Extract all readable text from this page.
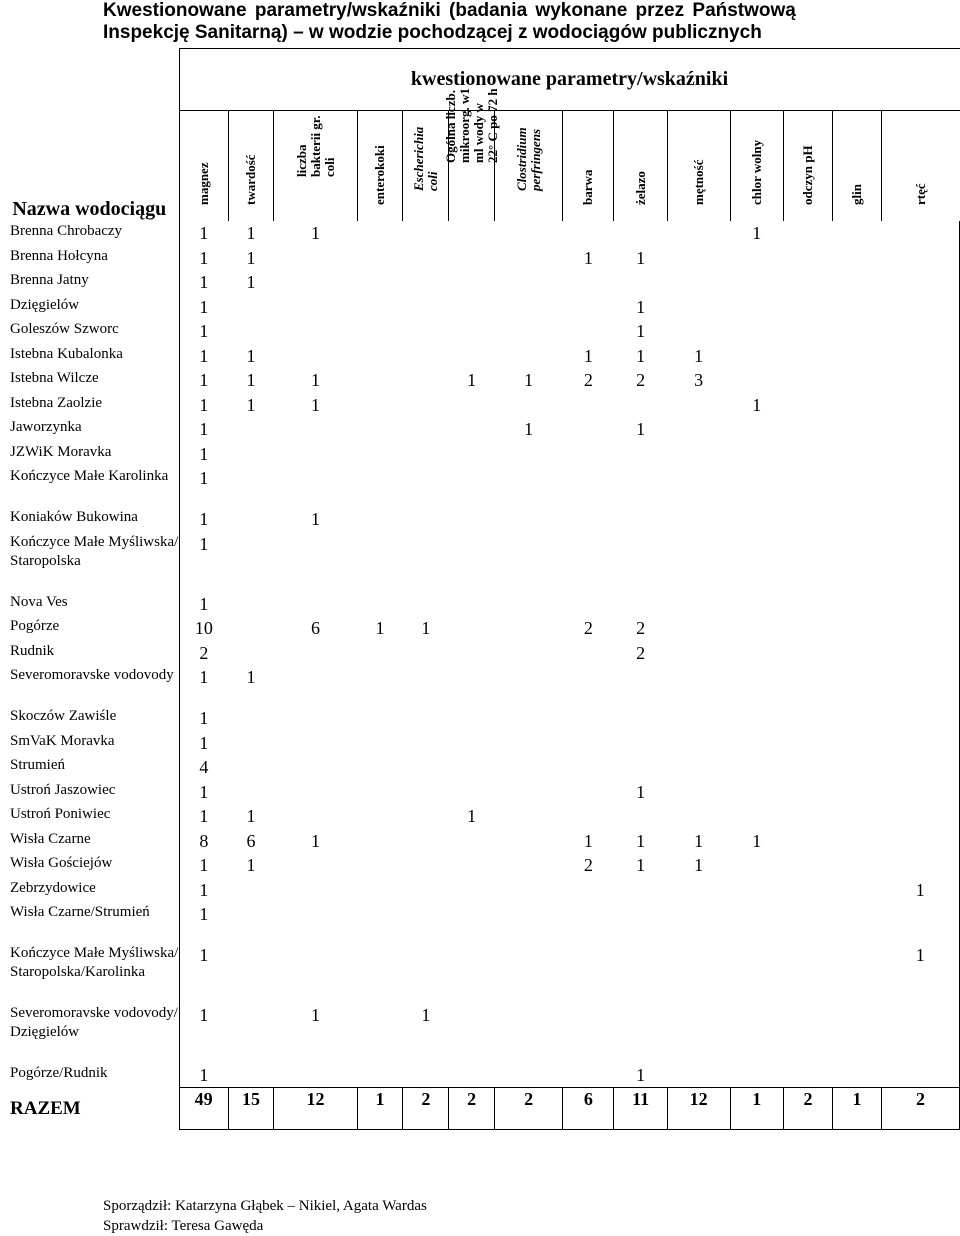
Kwestionowane parametry/wskaźniki (badania wykonane przez Państwową
Inspekcję Sanitarną) – w wodzie pochodzącej z wodociągów publicznych
Nazwa wodociągu	kwestionowane parametry/wskaźniki													

	magnez	twardość	liczba bakterii gr. coli	enterokoki	Escherichia coli	Ogólna liczb. mikroorg. w1 ml wody w 22° C po 72 h	Clostridium perfringens	barwa	żelazo	mętność	chlor wolny	odczyn pH	glin	rtęć

Brenna Chrobaczy	1	1	1								1			
Brenna Hołcyna	1	1						1	1					
Brenna Jatny	1	1												
Dzięgielów	1								1					
Goleszów Szworc	1								1					
Istebna Kubalonka	1	1						1	1	1				
Istebna Wilcze	1	1	1			1	1	2	2	3				
Istebna Zaolzie	1	1	1								1			
Jaworzynka	1						1		1					
JZWiK Moravka	1													
Kończyce Małe Karolinka	1													
Koniaków Bukowina	1		1											
Kończyce Małe Myśliwska/Staropolska	1													
Nova Ves	1													
Pogórze	10		6	1	1			2	2					
Rudnik	2								2					
Severomoravske vodovody	1	1												
Skoczów Zawiśle	1													
SmVaK Moravka	1													
Strumień	4													
Ustroń Jaszowiec	1								1					
Ustroń Poniwiec	1	1				1								
Wisła Czarne	8	6	1					1	1	1	1			
Wisła Gościejów	1	1						2	1	1				
Zebrzydowice	1													1
Wisła Czarne/Strumień	1													
Kończyce Małe Myśliwska/Staropolska/Karolinka	1													1
Severomoravske vodovody/Dzięgielów	1		1		1									
Pogórze/Rudnik	1								1					
RAZEM	49	15	12	1	2	2	2	6	11	12	1	2	1	2
Sporządził: Katarzyna Głąbek – Nikiel, Agata Wardas
Sprawdził: Teresa Gawęda
